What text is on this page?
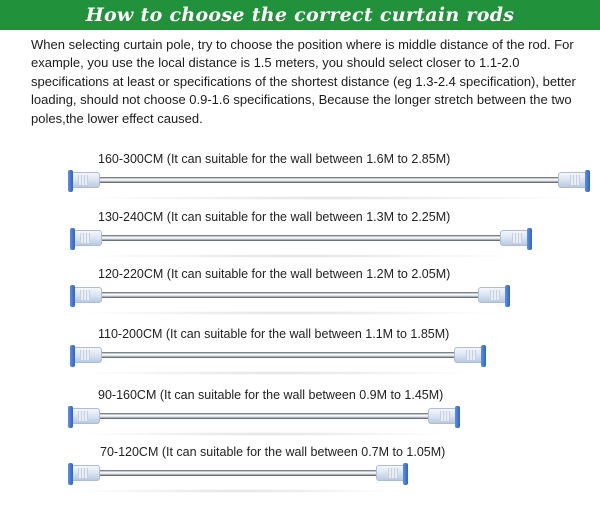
How to choose the correct curtain rods

When selecting curtain pole, try to choose the position where is middle distance of the rod. For example, you use the local distance is 1.5 meters, you should select closer to 1.1-2.0 specifications at least or specifications of the shortest distance (eg 1.3-2.4 specification), better loading, should not choose 0.9-1.6 specifications, Because the longer stretch between the two poles,the lower effect caused.

160-300CM (It can suitable for the wall between 1.6M to 2.85M)
130-240CM (It can suitable for the wall between 1.3M to 2.25M)
120-220CM (It can suitable for the wall between 1.2M to 2.05M)
110-200CM (It can suitable for the wall between 1.1M to 1.85M)
90-160CM (It can suitable for the wall between 0.9M to 1.45M)
70-120CM (It can suitable for the wall between 0.7M to 1.05M)
